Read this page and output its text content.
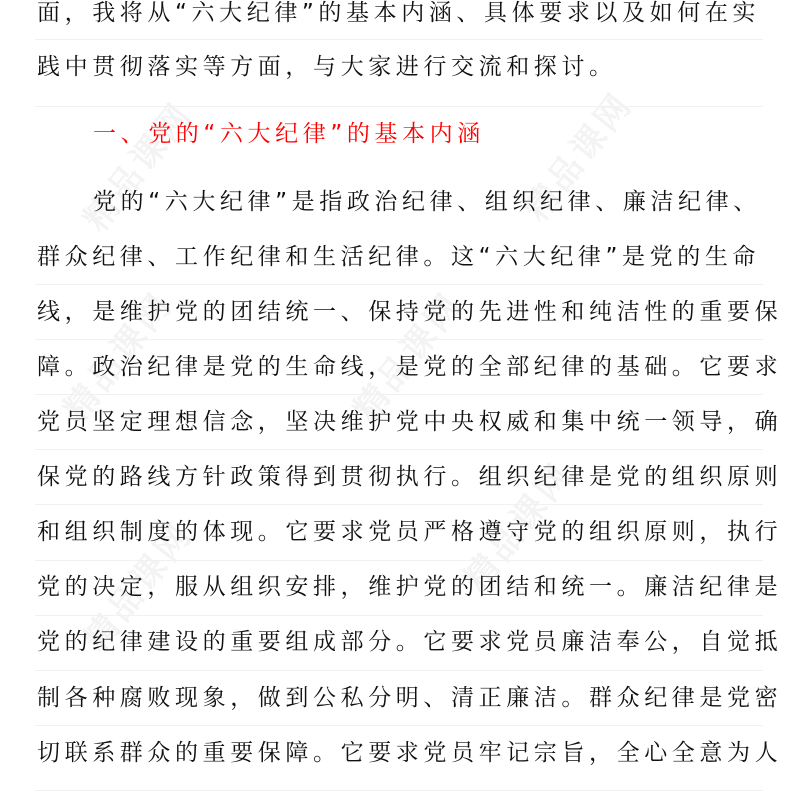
精品课网	精品课网
精品课网	精品课网
精品课网	精品课网
面，我将从“六大纪律”的基本内涵、具体要求以及如何在实
践中贯彻落实等方面，与大家进行交流和探讨。
一、党的“六大纪律”的基本内涵
党的“六大纪律”是指政治纪律、组织纪律、廉洁纪律、
群众纪律、工作纪律和生活纪律。这“六大纪律”是党的生命
线，是维护党的团结统一、保持党的先进性和纯洁性的重要保
障。政治纪律是党的生命线，是党的全部纪律的基础。它要求
党员坚定理想信念，坚决维护党中央权威和集中统一领导，确
保党的路线方针政策得到贯彻执行。组织纪律是党的组织原则
和组织制度的体现。它要求党员严格遵守党的组织原则，执行
党的决定，服从组织安排，维护党的团结和统一。廉洁纪律是
党的纪律建设的重要组成部分。它要求党员廉洁奉公，自觉抵
制各种腐败现象，做到公私分明、清正廉洁。群众纪律是党密
切联系群众的重要保障。它要求党员牢记宗旨，全心全意为人
